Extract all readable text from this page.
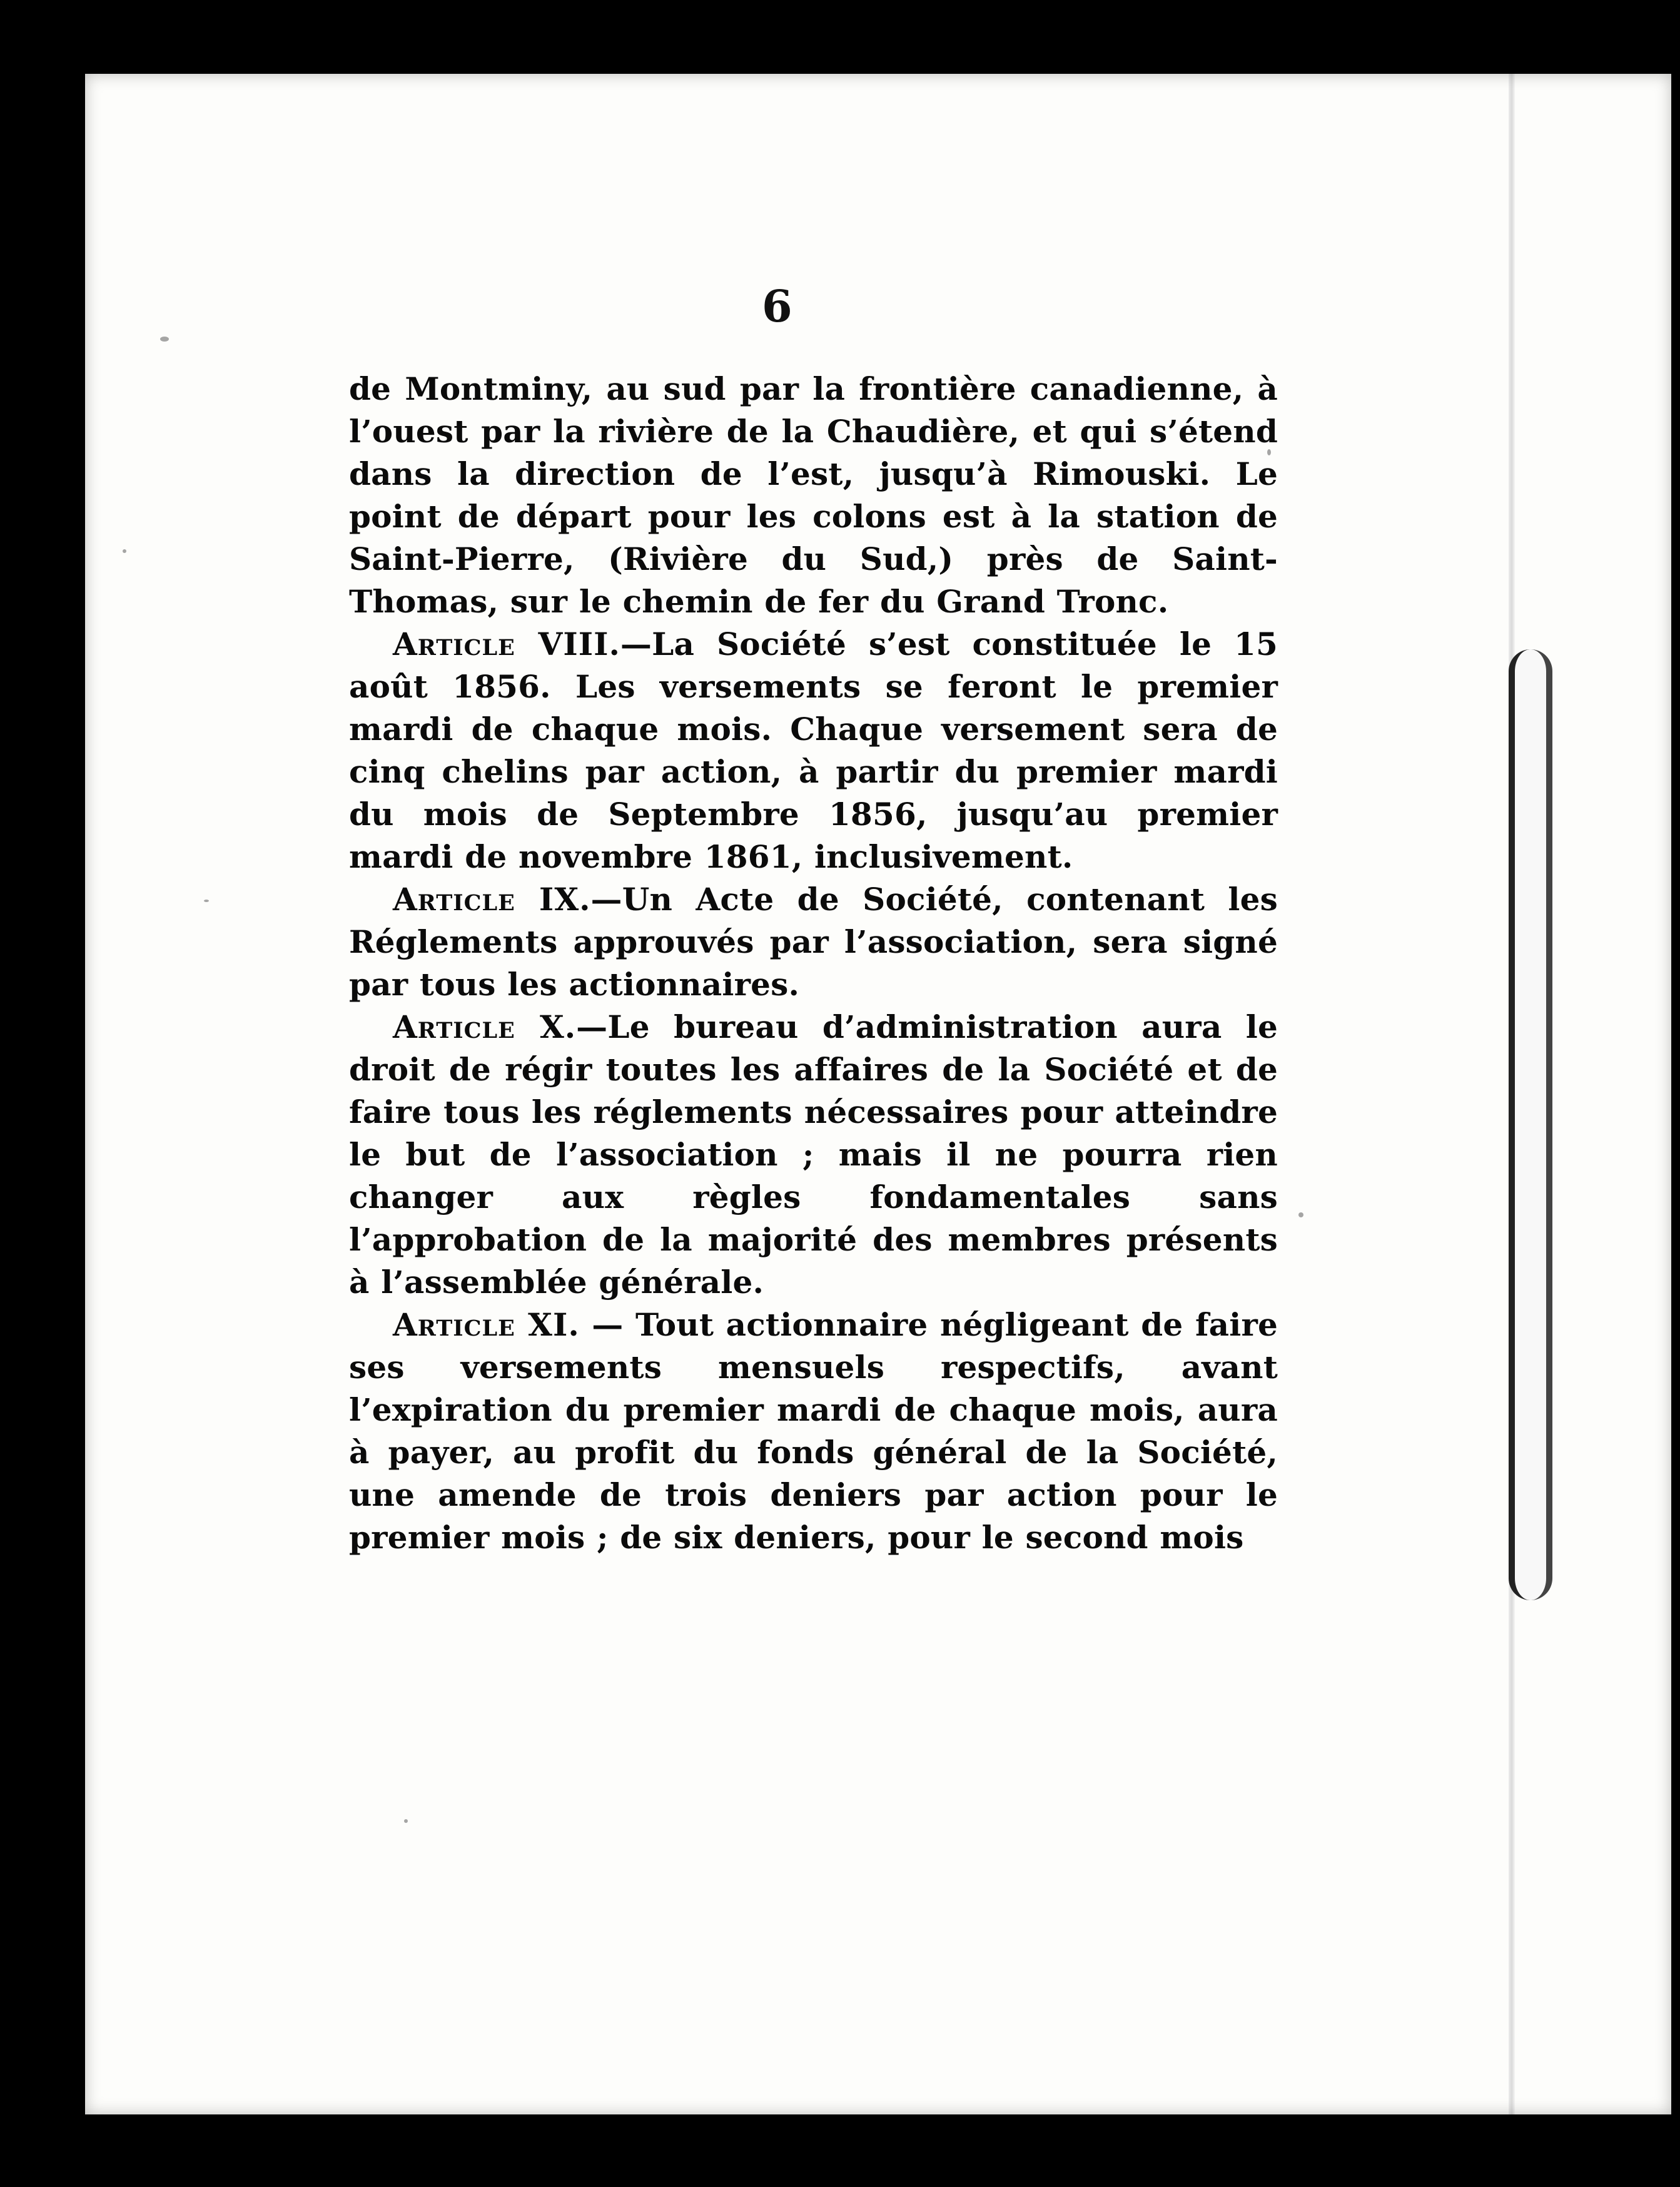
6

de Montminy, au sud par la frontière canadienne, à l’ouest par la rivière de la Chaudière, et qui s’étend dans la direction de l’est, jusqu’à Rimouski. Le point de départ pour les colons est à la station de Saint-Pierre, (Rivière du Sud,) près de Saint-Thomas, sur le chemin de fer du Grand Tronc.

Article VIII.—La Société s’est constituée le 15 août 1856. Les versements se feront le premier mardi de chaque mois. Chaque versement sera de cinq chelins par action, à partir du premier mardi du mois de Septembre 1856, jusqu’au premier mardi de novembre 1861, inclusivement.

Article IX.—Un Acte de Société, contenant les Réglements approuvés par l’association, sera signé par tous les actionnaires.

Article X.—Le bureau d’administration aura le droit de régir toutes les affaires de la Société et de faire tous les réglements nécessaires pour atteindre le but de l’association ; mais il ne pourra rien changer aux règles fondamentales sans l’approbation de la majorité des membres présents à l’assemblée générale.

Article XI. — Tout actionnaire négligeant de faire ses versements mensuels respectifs, avant l’expiration du premier mardi de chaque mois, aura à payer, au profit du fonds général de la Société, une amende de trois deniers par action pour le premier mois ; de six deniers, pour le second mois
